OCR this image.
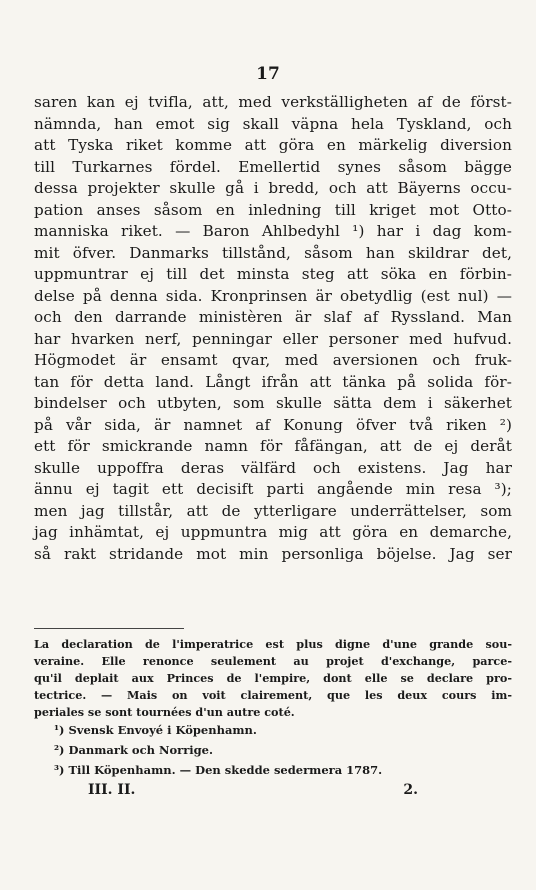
17
saren kan ej tvifla, att, med verkställigheten af de först-
nämnda, han emot sig skall väpna hela Tyskland, och
att Tyska riket komme att göra en märkelig diversion
till Turkarnes fördel. Emellertid synes såsom bägge
dessa projekter skulle gå i bredd, och att Bäyerns occu-
pation anses såsom en inledning till kriget mot Otto-
manniska riket. — Baron Ahlbedyhl ¹) har i dag kom-
mit öfver. Danmarks tillstånd, såsom han skildrar det,
uppmuntrar ej till det minsta steg att söka en förbin-
delse på denna sida. Kronprinsen är obetydlig (est nul) —
och den darrande ministèren är slaf af Ryssland. Man
har hvarken nerf, penningar eller personer med hufvud.
Högmodet är ensamt qvar, med aversionen och fruk-
tan för detta land. Långt ifrån att tänka på solida för-
bindelser och utbyten, som skulle sätta dem i säkerhet
på vår sida, är namnet af Konung öfver två riken ²)
ett för smickrande namn för fåfängan, att de ej deråt
skulle uppoffra deras välfärd och existens. Jag har
ännu ej tagit ett decisift parti angående min resa ³);
men jag tillstår, att de ytterligare underrättelser, som
jag inhämtat, ej uppmuntra mig att göra en demarche,
så rakt stridande mot min personliga böjelse. Jag ser
La declaration de l'imperatrice est plus digne d'une grande sou-
veraine. Elle renonce seulement au projet d'exchange, parce-
qu'il deplait aux Princes de l'empire, dont elle se declare pro-
tectrice. — Mais on voit clairement, que les deux cours im-
periales se sont tournées d'un autre coté.
¹) Svensk Envoyé i Köpenhamn.
²) Danmark och Norrige.
³) Till Köpenhamn. — Den skedde sedermera 1787.
III. II.	2.
